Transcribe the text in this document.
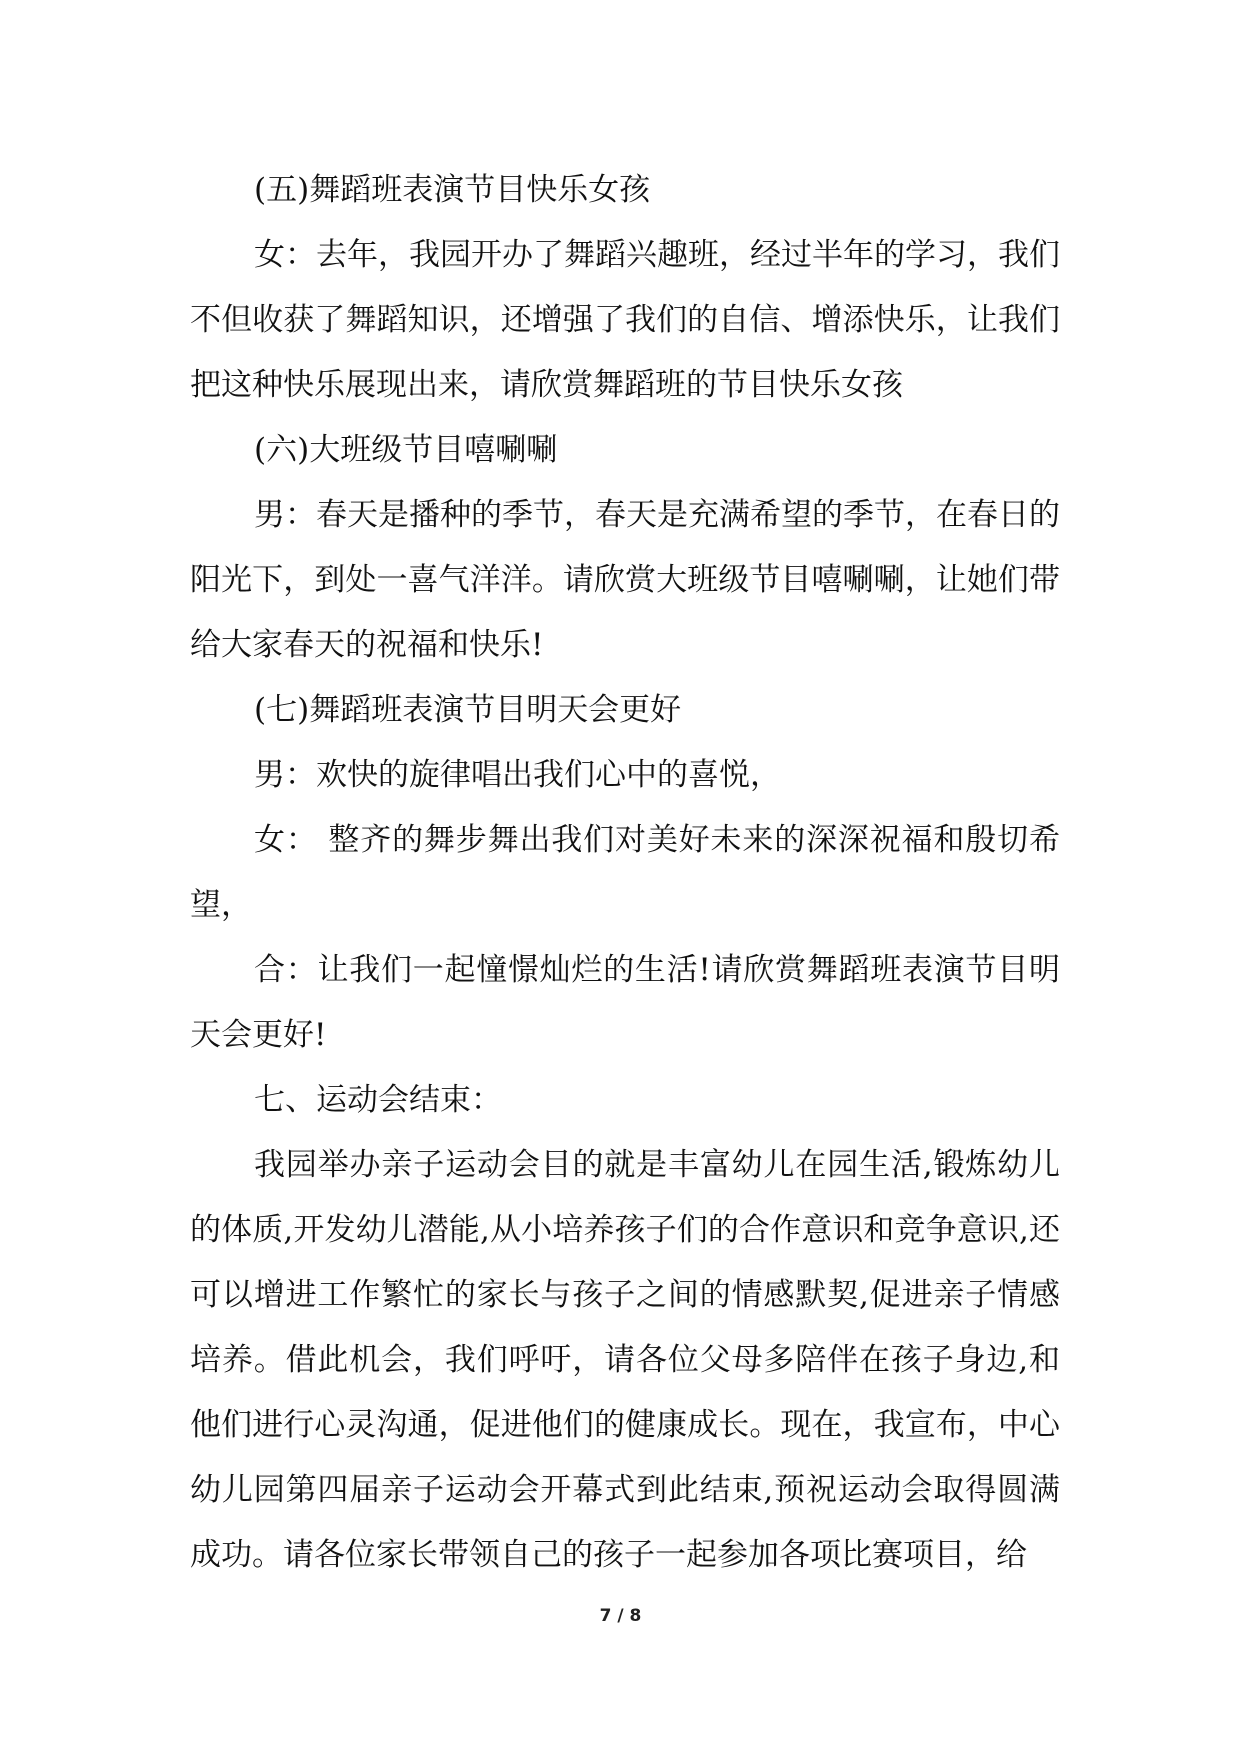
(五)舞蹈班表演节目快乐女孩

女：去年，我园开办了舞蹈兴趣班，经过半年的学习，我们不但收获了舞蹈知识，还增强了我们的自信、增添快乐，让我们把这种快乐展现出来，请欣赏舞蹈班的节目快乐女孩

(六)大班级节目嘻唰唰

男：春天是播种的季节，春天是充满希望的季节，在春日的阳光下，到处一喜气洋洋。请欣赏大班级节目嘻唰唰，让她们带给大家春天的祝福和快乐!

(七)舞蹈班表演节目明天会更好

男：欢快的旋律唱出我们心中的喜悦，

女： 整齐的舞步舞出我们对美好未来的深深祝福和殷切希望，

合：让我们一起憧憬灿烂的生活!请欣赏舞蹈班表演节目明天会更好!

七、运动会结束：

我园举办亲子运动会目的就是丰富幼儿在园生活,锻炼幼儿的体质,开发幼儿潜能,从小培养孩子们的合作意识和竞争意识,还可以增进工作繁忙的家长与孩子之间的情感默契,促进亲子情感培养。借此机会，我们呼吁，请各位父母多陪伴在孩子身边,和他们进行心灵沟通，促进他们的健康成长。现在，我宣布，中心幼儿园第四届亲子运动会开幕式到此结束,预祝运动会取得圆满成功。请各位家长带领自己的孩子一起参加各项比赛项目，给

7 / 8
